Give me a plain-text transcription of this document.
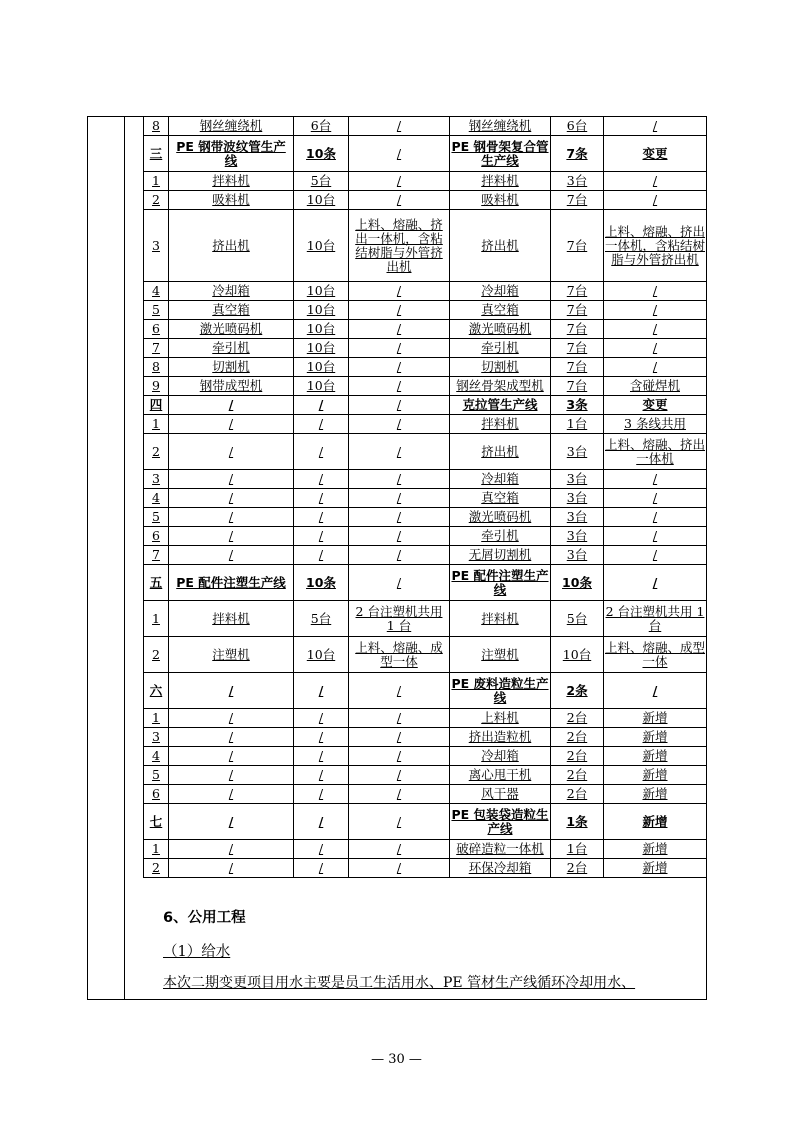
8	钢丝缠绕机	6台	/	钢丝缠绕机	6台	/
三	PE 钢带波纹管生产线	10条	/	PE 钢骨架复合管生产线	7条	变更
1	拌料机	5台	/	拌料机	3台	/
2	吸料机	10台	/	吸料机	7台	/
3	挤出机	10台	上料、熔融、挤出一体机，含粘结树脂与外管挤出机	挤出机	7台	上料、熔融、挤出一体机，含粘结树脂与外管挤出机
4	冷却箱	10台	/	冷却箱	7台	/
5	真空箱	10台	/	真空箱	7台	/
6	激光喷码机	10台	/	激光喷码机	7台	/
7	牵引机	10台	/	牵引机	7台	/
8	切割机	10台	/	切割机	7台	/
9	钢带成型机	10台	/	钢丝骨架成型机	7台	含碰焊机
四	/	/	/	克拉管生产线	3条	变更
1	/	/	/	拌料机	1台	3 条线共用
2	/	/	/	挤出机	3台	上料、熔融、挤出一体机
3	/	/	/	冷却箱	3台	/
4	/	/	/	真空箱	3台	/
5	/	/	/	激光喷码机	3台	/
6	/	/	/	牵引机	3台	/
7	/	/	/	无屑切割机	3台	/
五	PE 配件注塑生产线	10条	/	PE 配件注塑生产线	10条	/
1	拌料机	5台	2 台注塑机共用 1 台	拌料机	5台	2 台注塑机共用 1 台
2	注塑机	10台	上料、熔融、成型一体	注塑机	10台	上料、熔融、成型一体
六	/	/	/	PE 废料造粒生产线	2条	/
1	/	/	/	上料机	2台	新增
3	/	/	/	挤出造粒机	2台	新增
4	/	/	/	冷却箱	2台	新增
5	/	/	/	离心甩干机	2台	新增
6	/	/	/	风干器	2台	新增
七	/	/	/	PE 包装袋造粒生产线	1条	新增
1	/	/	/	破碎造粒一体机	1台	新增
2	/	/	/	环保冷却箱	2台	新增
6、公用工程
（1）给水
本次二期变更项目用水主要是员工生活用水、PE 管材生产线循环冷却用水、
— 30 —
